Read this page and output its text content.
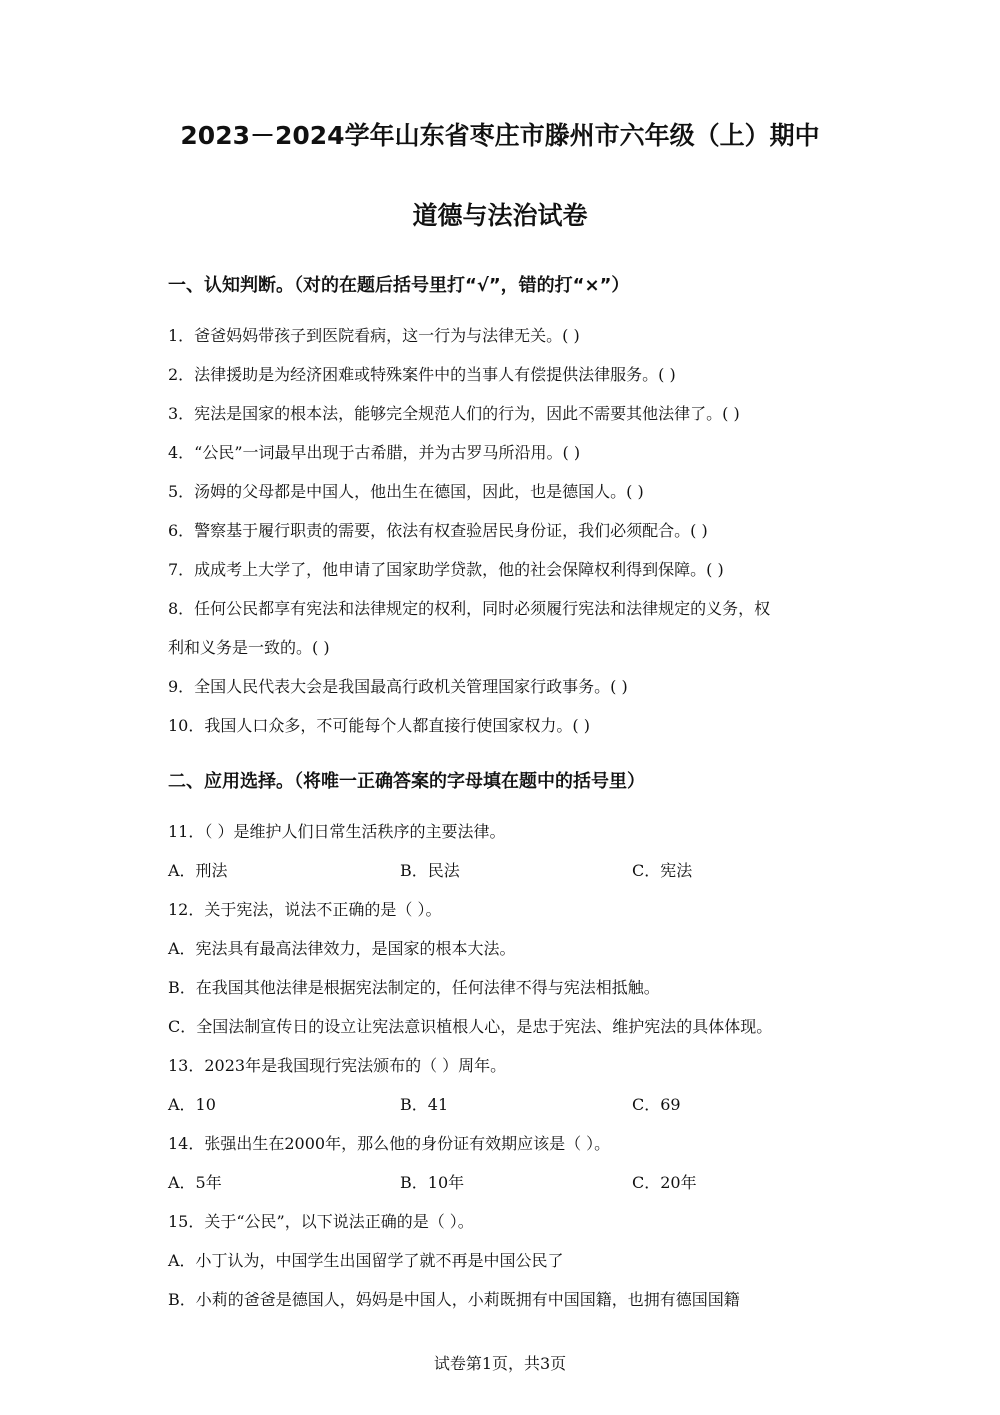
2023－2024学年山东省枣庄市滕州市六年级（上）期中
道德与法治试卷
一、认知判断。（对的在题后括号里打“√”，错的打“×”）
1．爸爸妈妈带孩子到医院看病，这一行为与法律无关。( )
2．法律援助是为经济困难或特殊案件中的当事人有偿提供法律服务。( )
3．宪法是国家的根本法，能够完全规范人们的行为，因此不需要其他法律了。( )
4．“公民”一词最早出现于古希腊，并为古罗马所沿用。( )
5．汤姆的父母都是中国人，他出生在德国，因此，也是德国人。( )
6．警察基于履行职责的需要，依法有权查验居民身份证，我们必须配合。( )
7．成成考上大学了，他申请了国家助学贷款，他的社会保障权利得到保障。( )
8．任何公民都享有宪法和法律规定的权利，同时必须履行宪法和法律规定的义务，权
利和义务是一致的。( )
9．全国人民代表大会是我国最高行政机关管理国家行政事务。( )
10．我国人口众多，不可能每个人都直接行使国家权力。( )
二、应用选择。（将唯一正确答案的字母填在题中的括号里）
11．（ ）是维护人们日常生活秩序的主要法律。
A．刑法	B．民法	C．宪法
12．关于宪法，说法不正确的是（ ）。
A．宪法具有最高法律效力，是国家的根本大法。
B．在我国其他法律是根据宪法制定的，任何法律不得与宪法相抵触。
C．全国法制宣传日的设立让宪法意识植根人心，是忠于宪法、维护宪法的具体体现。
13．2023年是我国现行宪法颁布的（ ）周年。
A．10	B．41	C．69
14．张强出生在2000年，那么他的身份证有效期应该是（ ）。
A．5年	B．10年	C．20年
15．关于“公民”，以下说法正确的是（ ）。
A．小丁认为，中国学生出国留学了就不再是中国公民了
B．小莉的爸爸是德国人，妈妈是中国人，小莉既拥有中国国籍，也拥有德国国籍
试卷第1页，共3页
